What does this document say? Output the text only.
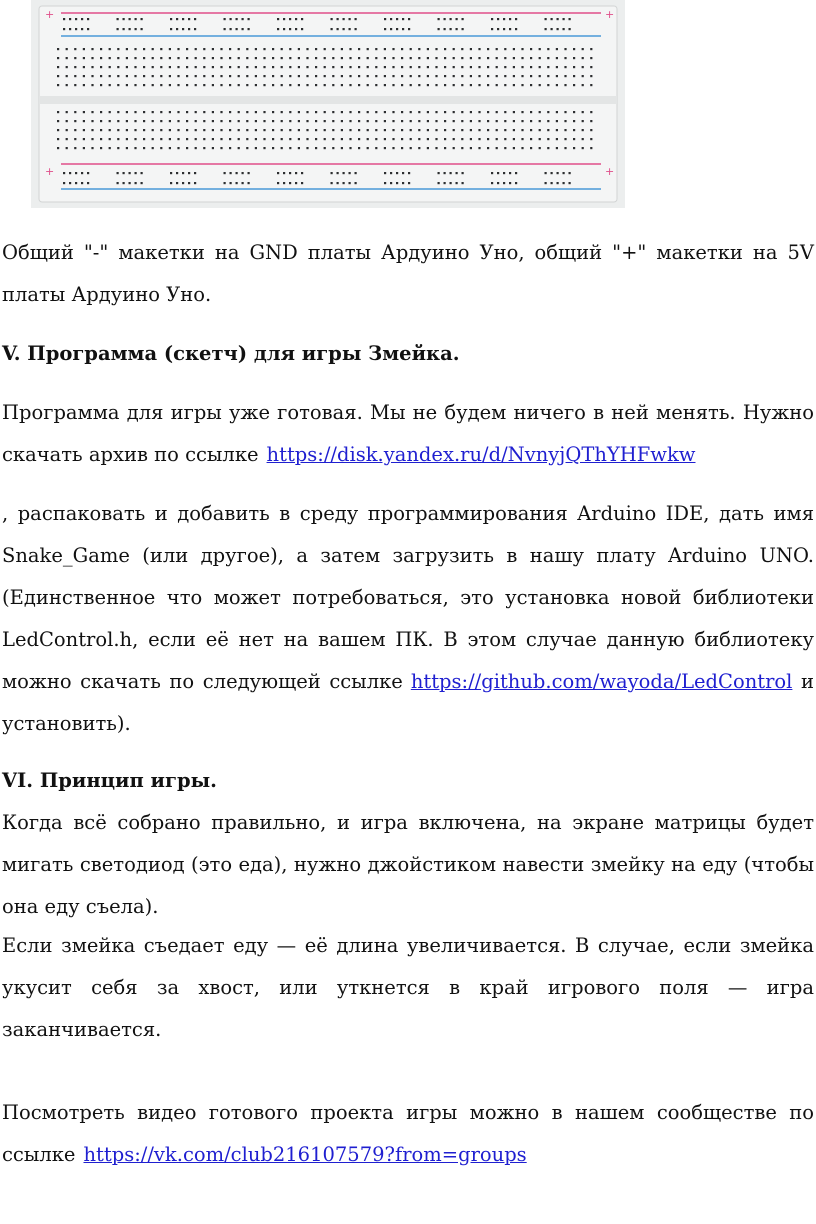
+	+
+	+

Общий "-" макетки на GND платы Ардуино Уно, общий "+" макетки на 5V платы Ардуино Уно.

V. Программа (скетч) для игры Змейка.

Программа для игры уже готовая. Мы не будем ничего в ней менять. Нужно скачать архив по ссылке https://disk.yandex.ru/d/NvnyjQThYHFwkw

, распаковать и добавить в среду программирования Arduino IDE, дать имя Snake_Game (или другое), а затем загрузить в нашу плату Arduino UNO. (Единственное что может потребоваться, это установка новой библиотеки LedControl.h, если её нет на вашем ПК. В этом случае данную библиотеку можно скачать по следующей ссылке https://github.com/wayoda/LedControl и установить).

VI. Принцип игры.

Когда всё собрано правильно, и игра включена, на экране матрицы будет мигать светодиод (это еда), нужно джойстиком навести змейку на еду (чтобы она еду съела).

Если змейка съедает еду — её длина увеличивается. В случае, если змейка укусит себя за хвост, или уткнется в край игрового поля — игра заканчивается.

Посмотреть видео готового проекта игры можно в нашем сообществе по ссылке https://vk.com/club216107579?from=groups
